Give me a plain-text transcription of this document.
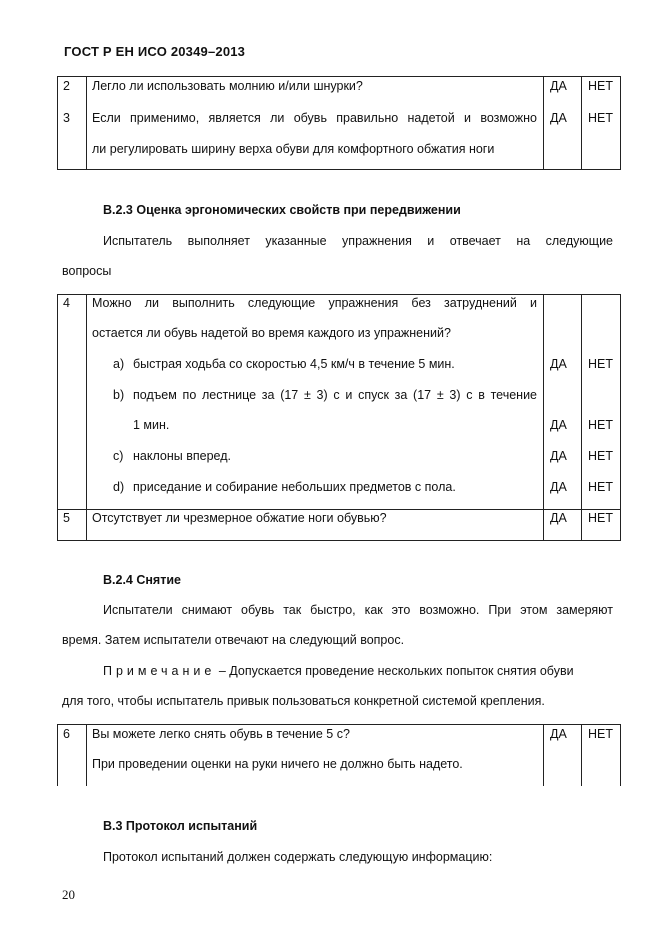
ГОСТ Р ЕН ИСО 20349–2013
2 Легло ли использовать молнию и/или шнурки?	ДА НЕТ
3 Если применимо, является ли обувь правильно надетой и возможно
ли регулировать ширину верха обуви для комфортного обжатия ноги
ДА НЕТ
В.2.3 Оценка эргономических свойств при передвижении
Испытатель выполняет указанные упражнения и отвечает на следующие
вопросы
4 Можно ли выполнить следующие упражнения без затруднений и
остается ли обувь надетой во время каждого из упражнений?
a) быстрая ходьба со скоростью 4,5 км/ч в течение 5 мин.	ДА НЕТ
b) подъем по лестнице за (17 ± 3) с и спуск за (17 ± 3) с в течение
1 мин.	ДА НЕТ
c) наклоны вперед.	ДА НЕТ
d) приседание и собирание небольших предметов с пола.	ДА НЕТ
5 Отсутствует ли чрезмерное обжатие ноги обувью?	ДА НЕТ
В.2.4 Снятие
Испытатели снимают обувь так быстро, как это возможно. При этом замеряют
время. Затем испытатели отвечают на следующий вопрос.
Примечание – Допускается проведение нескольких попыток снятия обуви
для того, чтобы испытатель привык пользоваться конкретной системой крепления.
6 Вы можете легко снять обувь в течение 5 с?
При проведении оценки на руки ничего не должно быть надето.
ДА НЕТ
В.3 Протокол испытаний
Протокол испытаний должен содержать следующую информацию:
20
